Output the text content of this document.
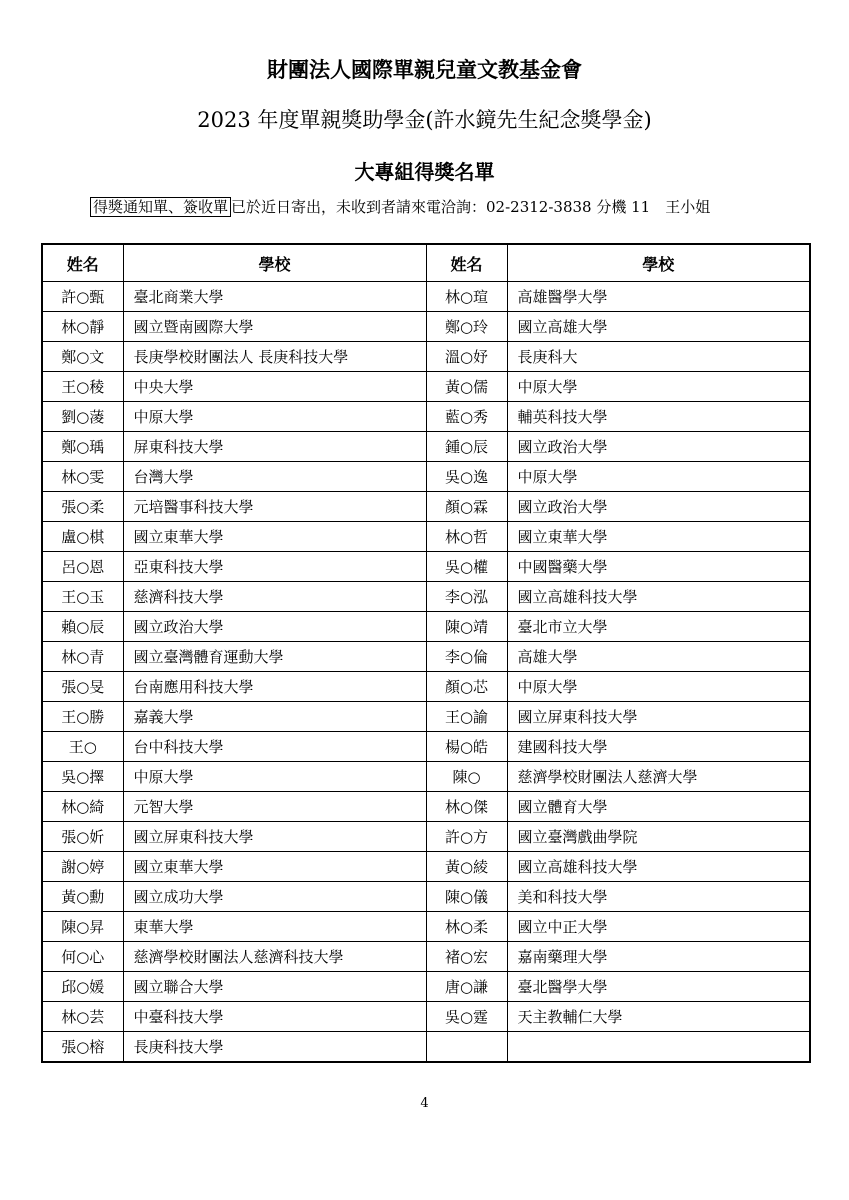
財團法人國際單親兒童文教基金會
2023 年度單親獎助學金(許水鏡先生紀念獎學金)
大專組得獎名單
得獎通知單、簽收單 已於近日寄出，未收到者請來電洽詢：02-2312-3838 分機 11　王小姐
姓名	學校	姓名	學校
許○甄	臺北商業大學	林○瑄	高雄醫學大學
林○靜	國立暨南國際大學	鄭○玲	國立高雄大學
鄭○文	長庚學校財團法人 長庚科技大學	溫○妤	長庚科大
王○稜	中央大學	黃○儒	中原大學
劉○蓤	中原大學	藍○秀	輔英科技大學
鄭○瑀	屏東科技大學	鍾○辰	國立政治大學
林○雯	台灣大學	吳○逸	中原大學
張○柔	元培醫事科技大學	顏○霖	國立政治大學
盧○棋	國立東華大學	林○哲	國立東華大學
呂○恩	亞東科技大學	吳○權	中國醫藥大學
王○玉	慈濟科技大學	李○泓	國立高雄科技大學
賴○辰	國立政治大學	陳○靖	臺北市立大學
林○青	國立臺灣體育運動大學	李○倫	高雄大學
張○旻	台南應用科技大學	顏○芯	中原大學
王○勝	嘉義大學	王○諭	國立屏東科技大學
王○	台中科技大學	楊○皓	建國科技大學
吳○擇	中原大學	陳○	慈濟學校財團法人慈濟大學
林○綺	元智大學	林○傑	國立體育大學
張○妡	國立屏東科技大學	許○方	國立臺灣戲曲學院
謝○婷	國立東華大學	黃○綾	國立高雄科技大學
黃○勳	國立成功大學	陳○儀	美和科技大學
陳○昇	東華大學	林○柔	國立中正大學
何○心	慈濟學校財團法人慈濟科技大學	褚○宏	嘉南藥理大學
邱○媛	國立聯合大學	唐○謙	臺北醫學大學
林○芸	中臺科技大學	吳○霆	天主教輔仁大學
張○榕	長庚科技大學		
4
